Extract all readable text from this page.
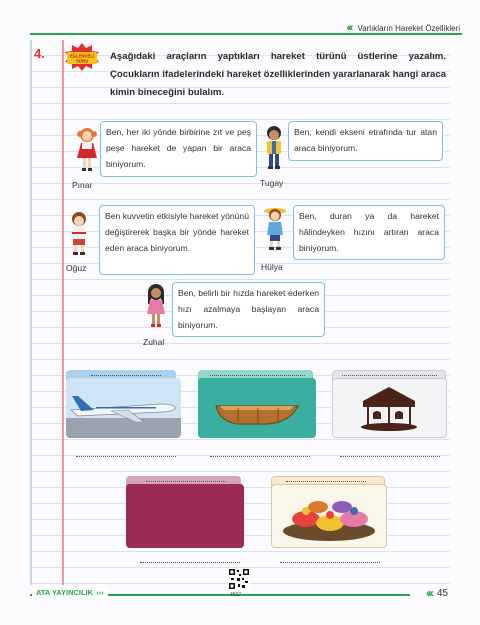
‹‹‹ Varlıkların Hareket Özellikleri
4.	EĞLENCELİ
SORU Aşağıdaki araçların yaptıkları hareket türünü üstlerine yazalım. Çocukların ifadelerindeki hareket özelliklerinden yararlanarak hangi araca kimin bineceğini bulalım.
Pınar
Ben, her iki yönde birbirine zıt ve peş peşe hareket de yapan bir araca biniyorum.
Tugay
Ben, kendi ekseni etrafında tur atan araca biniyorum.
Oğuz
Ben kuvvetin etkisiyle hareket yönünü değiştirerek başka bir yönde hareket eden araca biniyorum.
Hülya
Ben, duran ya da hareket hâlindeyken hızını artıran araca biniyorum.
Zuhal
Ben, belirli bir hızda hareket ederken hızı azalmaya başlayan araca biniyorum.
ATA YAYINCILIK ›››	4507	‹‹‹ 45
